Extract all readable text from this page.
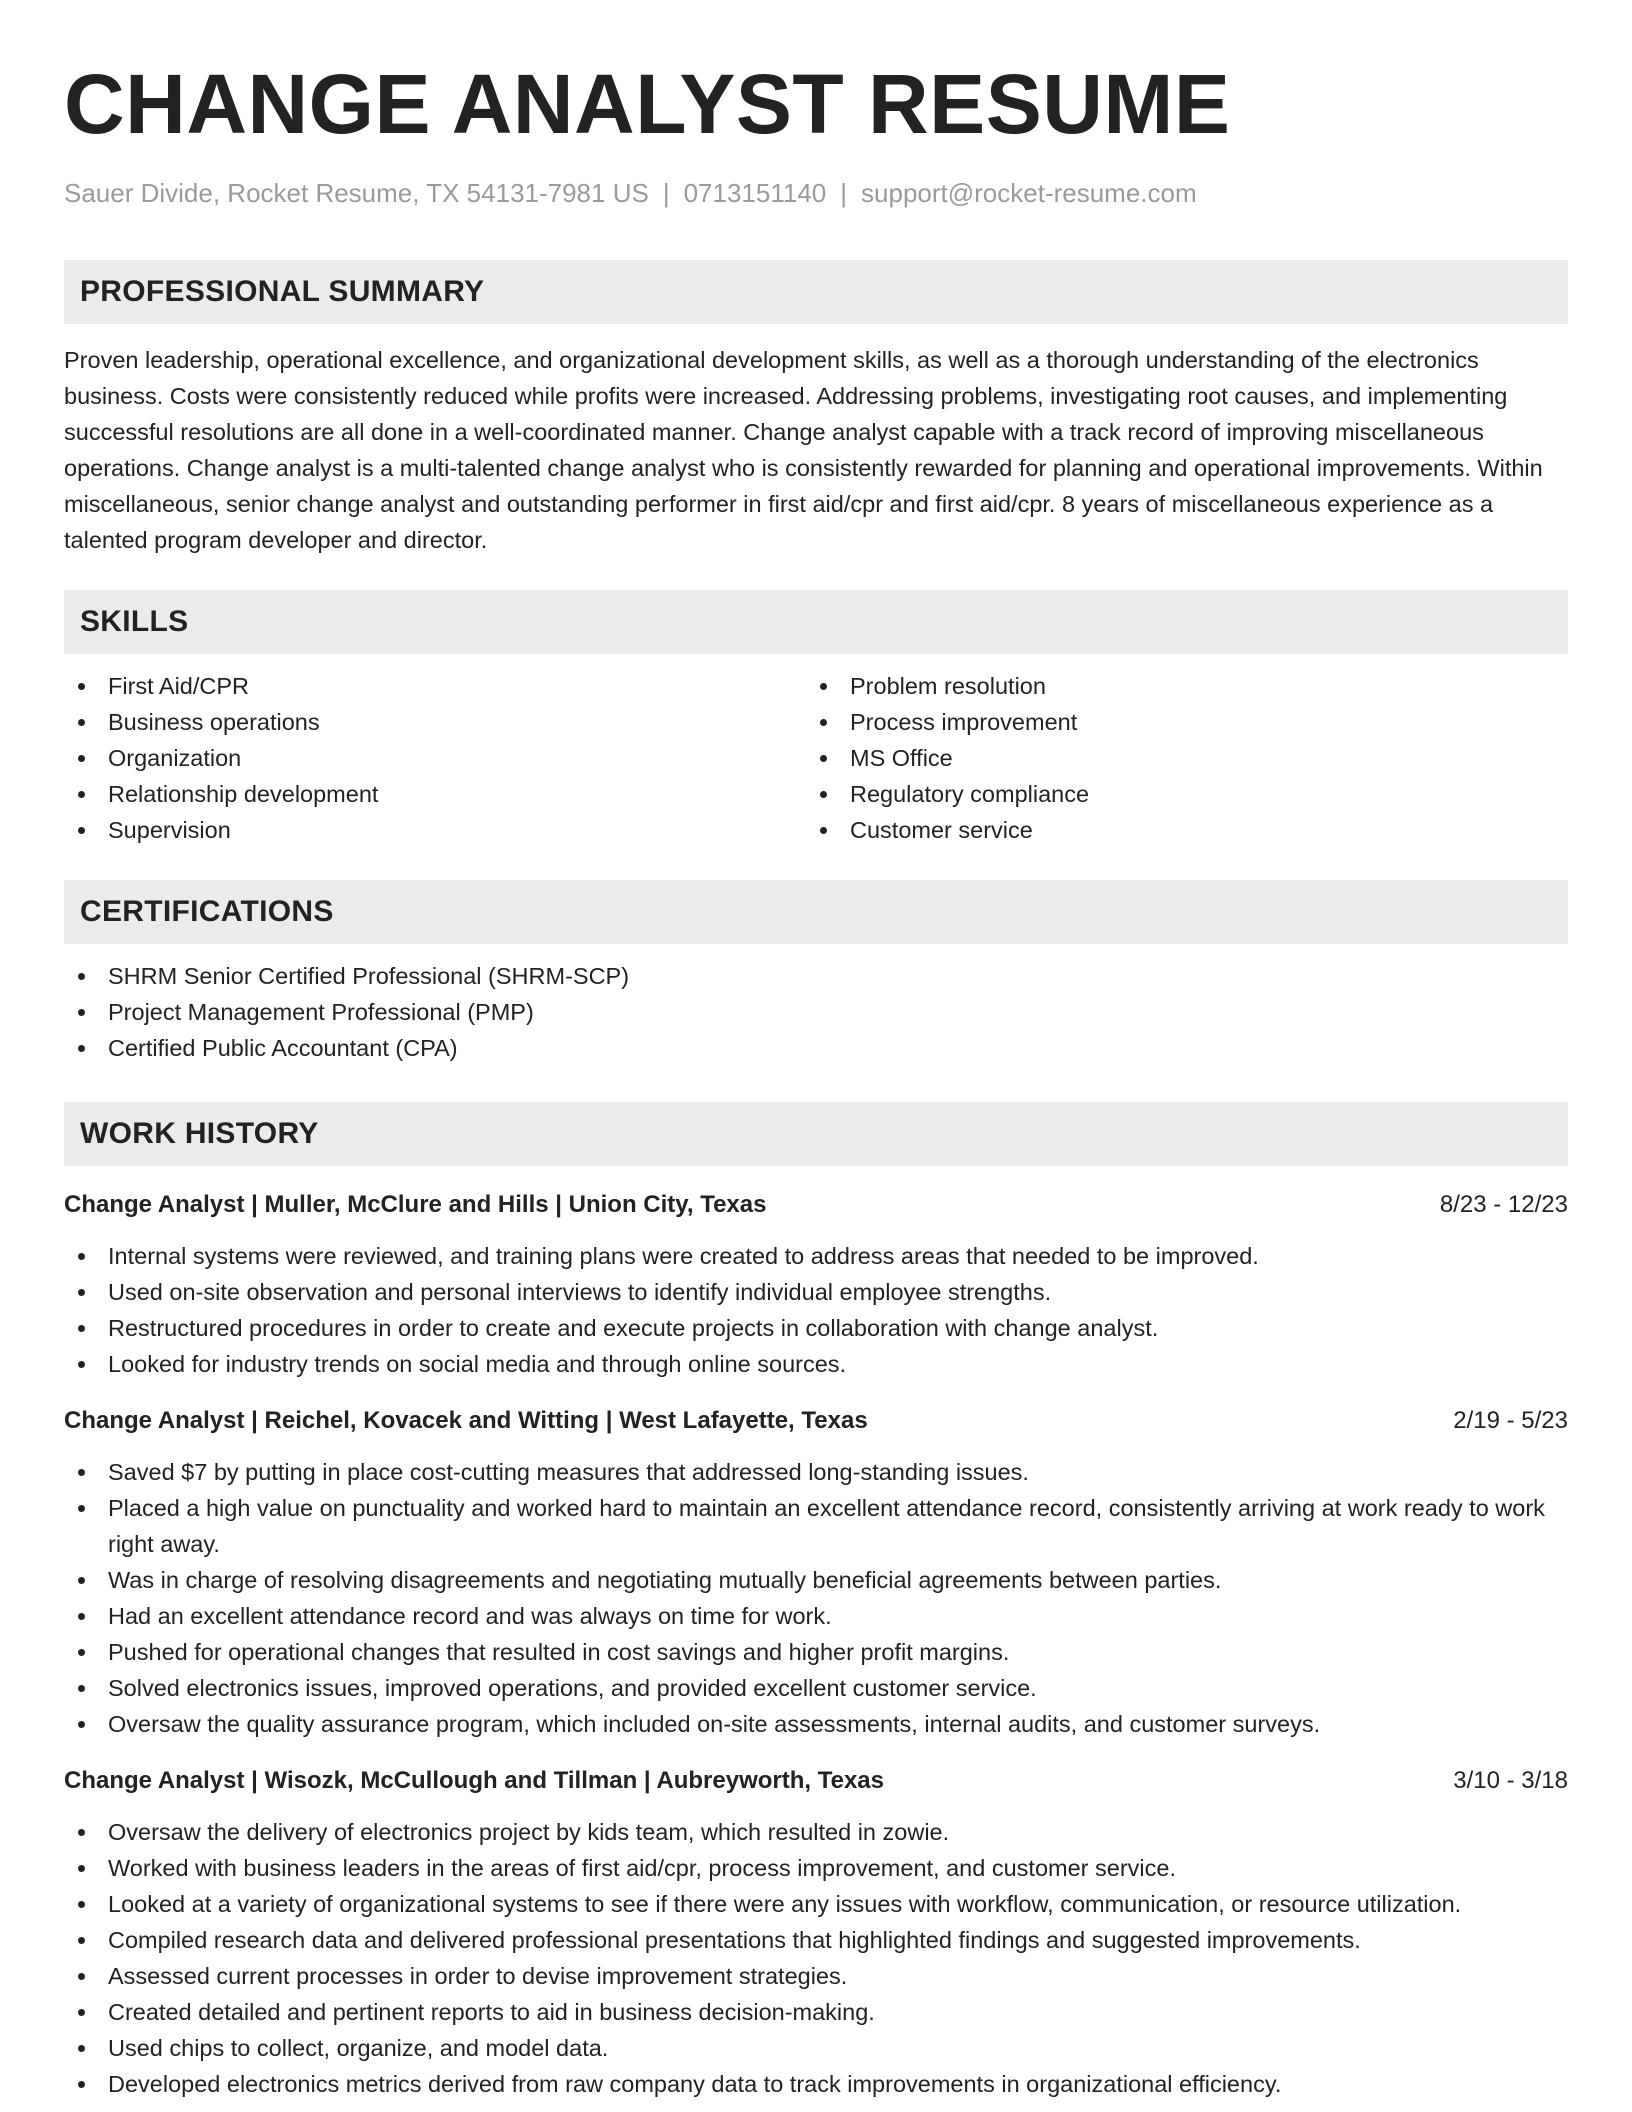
CHANGE ANALYST RESUME
Sauer Divide, Rocket Resume, TX 54131-7981 US | 0713151140 | support@rocket-resume.com
PROFESSIONAL SUMMARY
Proven leadership, operational excellence, and organizational development skills, as well as a thorough understanding of the electronics business. Costs were consistently reduced while profits were increased. Addressing problems, investigating root causes, and implementing successful resolutions are all done in a well-coordinated manner. Change analyst capable with a track record of improving miscellaneous operations. Change analyst is a multi-talented change analyst who is consistently rewarded for planning and operational improvements. Within miscellaneous, senior change analyst and outstanding performer in first aid/cpr and first aid/cpr. 8 years of miscellaneous experience as a talented program developer and director.
SKILLS
First Aid/CPR
Business operations
Organization
Relationship development
Supervision
Problem resolution
Process improvement
MS Office
Regulatory compliance
Customer service
CERTIFICATIONS
SHRM Senior Certified Professional (SHRM-SCP)
Project Management Professional (PMP)
Certified Public Accountant (CPA)
WORK HISTORY
Change Analyst | Muller, McClure and Hills | Union City, Texas	8/23 - 12/23
Internal systems were reviewed, and training plans were created to address areas that needed to be improved.
Used on-site observation and personal interviews to identify individual employee strengths.
Restructured procedures in order to create and execute projects in collaboration with change analyst.
Looked for industry trends on social media and through online sources.
Change Analyst | Reichel, Kovacek and Witting | West Lafayette, Texas	2/19 - 5/23
Saved $7 by putting in place cost-cutting measures that addressed long-standing issues.
Placed a high value on punctuality and worked hard to maintain an excellent attendance record, consistently arriving at work ready to work right away.
Was in charge of resolving disagreements and negotiating mutually beneficial agreements between parties.
Had an excellent attendance record and was always on time for work.
Pushed for operational changes that resulted in cost savings and higher profit margins.
Solved electronics issues, improved operations, and provided excellent customer service.
Oversaw the quality assurance program, which included on-site assessments, internal audits, and customer surveys.
Change Analyst | Wisozk, McCullough and Tillman | Aubreyworth, Texas	3/10 - 3/18
Oversaw the delivery of electronics project by kids team, which resulted in zowie.
Worked with business leaders in the areas of first aid/cpr, process improvement, and customer service.
Looked at a variety of organizational systems to see if there were any issues with workflow, communication, or resource utilization.
Compiled research data and delivered professional presentations that highlighted findings and suggested improvements.
Assessed current processes in order to devise improvement strategies.
Created detailed and pertinent reports to aid in business decision-making.
Used chips to collect, organize, and model data.
Developed electronics metrics derived from raw company data to track improvements in organizational efficiency.
